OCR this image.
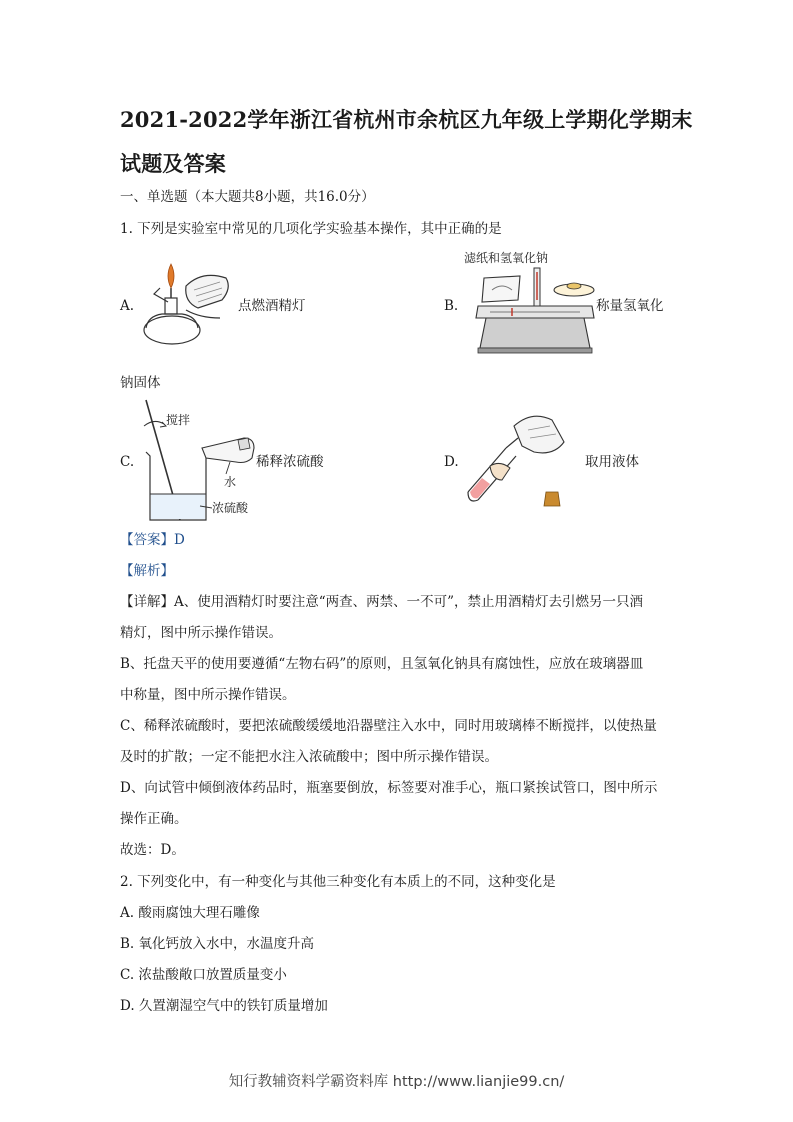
2021-2022学年浙江省杭州市余杭区九年级上学期化学期末
试题及答案
一、单选题（本大题共8小题，共16.0分）
1. 下列是实验室中常见的几项化学实验基本操作，其中正确的是
A.	点燃酒精灯	B.
滤纸和氢氧化钠
称量氢氧化
钠固体
C.
搅拌
水
浓硫酸
稀释浓硫酸	D.	取用液体
【答案】D
【解析】
【详解】A、使用酒精灯时要注意“两查、两禁、一不可”，禁止用酒精灯去引燃另一只酒
精灯，图中所示操作错误。
B、托盘天平的使用要遵循“左物右码”的原则，且氢氧化钠具有腐蚀性，应放在玻璃器皿
中称量，图中所示操作错误。
C、稀释浓硫酸时，要把浓硫酸缓缓地沿器壁注入水中，同时用玻璃棒不断搅拌，以使热量
及时的扩散；一定不能把水注入浓硫酸中；图中所示操作错误。
D、向试管中倾倒液体药品时，瓶塞要倒放，标签要对准手心，瓶口紧挨试管口，图中所示
操作正确。
故选：D。
2. 下列变化中，有一种变化与其他三种变化有本质上的不同，这种变化是
A. 酸雨腐蚀大理石雕像
B. 氧化钙放入水中，水温度升高
C. 浓盐酸敞口放置质量变小
D. 久置潮湿空气中的铁钉质量增加
知行教辅资料学霸资料库 http://www.lianjie99.cn/
